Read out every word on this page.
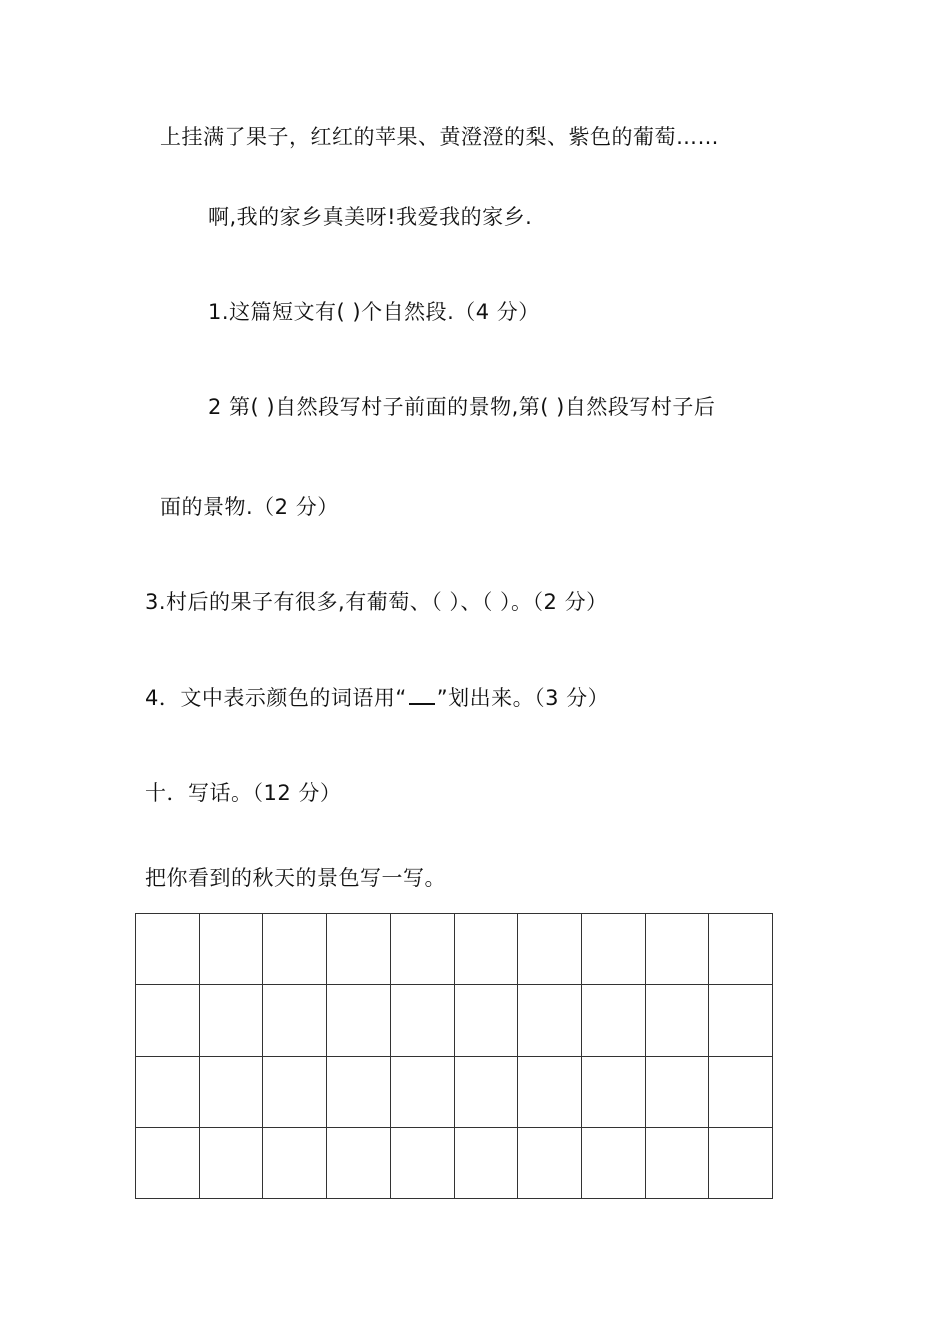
上挂满了果子，红红的苹果、黄澄澄的梨、紫色的葡萄……
啊,我的家乡真美呀!我爱我的家乡.
1.这篇短文有( )个自然段.（4 分）
2 第( )自然段写村子前面的景物,第( )自然段写村子后
面的景物.（2 分）
3.村后的果子有很多,有葡萄、（ ）、（ ）。（2 分）
4．文中表示颜色的词语用“ ”划出来。（3 分）
十．写话。（12 分）
把你看到的秋天的景色写一写。
